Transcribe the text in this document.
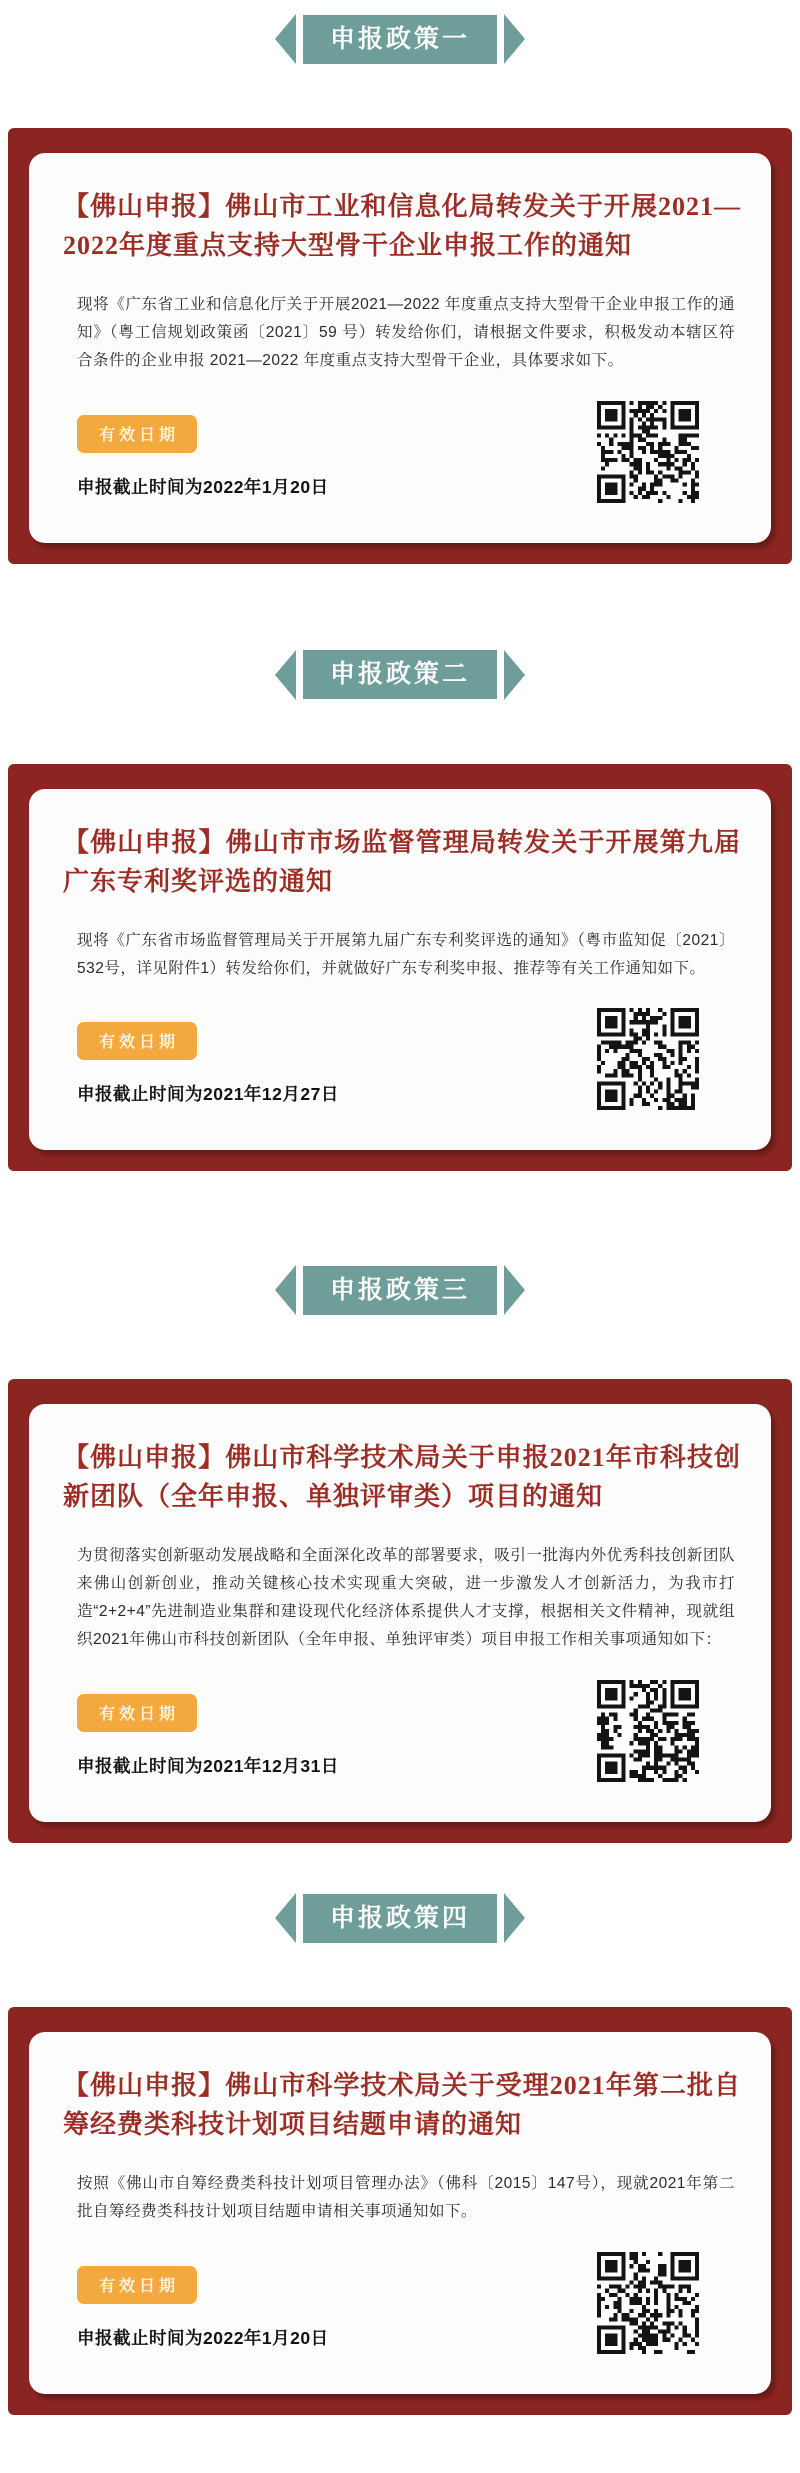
申报政策一
【佛山申报】佛山市工业和信息化局转发关于开展2021—2022年度重点支持大型骨干企业申报工作的通知

现将《广东省工业和信息化厅关于开展2021—2022 年度重点支持大型骨干企业申报工作的通知》（粤工信规划政策函〔2021〕59 号）转发给你们，请根据文件要求，积极发动本辖区符合条件的企业申报 2021—2022 年度重点支持大型骨干企业，具体要求如下。

有效日期
申报截止时间为2022年1月20日
申报政策二
【佛山申报】佛山市市场监督管理局转发关于开展第九届广东专利奖评选的通知

现将《广东省市场监督管理局关于开展第九届广东专利奖评选的通知》（粤市监知促〔2021〕532号，详见附件1）转发给你们，并就做好广东专利奖申报、推荐等有关工作通知如下。

有效日期
申报截止时间为2021年12月27日
申报政策三
【佛山申报】佛山市科学技术局关于申报2021年市科技创新团队（全年申报、单独评审类）项目的通知

为贯彻落实创新驱动发展战略和全面深化改革的部署要求，吸引一批海内外优秀科技创新团队来佛山创新创业，推动关键核心技术实现重大突破，进一步激发人才创新活力，为我市打造“2+2+4”先进制造业集群和建设现代化经济体系提供人才支撑，根据相关文件精神，现就组织2021年佛山市科技创新团队（全年申报、单独评审类）项目申报工作相关事项通知如下：

有效日期
申报截止时间为2021年12月31日
申报政策四
【佛山申报】佛山市科学技术局关于受理2021年第二批自筹经费类科技计划项目结题申请的通知

按照《佛山市自筹经费类科技计划项目管理办法》（佛科〔2015〕147号），现就2021年第二批自筹经费类科技计划项目结题申请相关事项通知如下。

有效日期
申报截止时间为2022年1月20日
